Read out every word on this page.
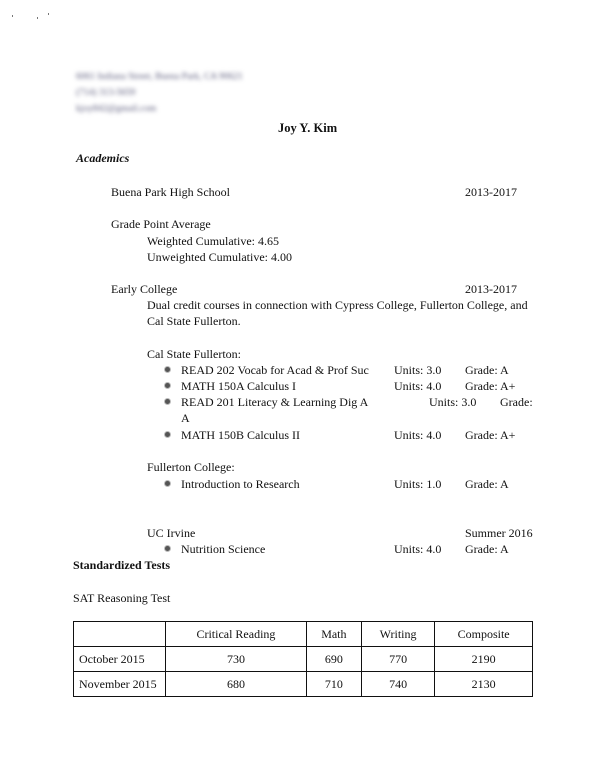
6061 Indiana Street, Buena Park, CA 90621
(714) 313-5659
kjoy842@gmail.com
Joy Y. Kim
Academics
Buena Park High School	2013-2017
Grade Point Average
Weighted Cumulative: 4.65
Unweighted Cumulative: 4.00
Early College	2013-2017
Dual credit courses in connection with Cypress College, Fullerton College, and
Cal State Fullerton.
Cal State Fullerton:
READ 202 Vocab for Acad & Prof Suc Units: 3.0 Grade: A
MATH 150A Calculus I	Units: 4.0 Grade: A+
READ 201 Literacy & Learning Dig A	Units: 3.0 Grade:
A
MATH 150B Calculus II	Units: 4.0 Grade: A+
Fullerton College:
Introduction to Research	Units: 1.0 Grade: A
UC Irvine	Summer 2016
Nutrition Science	Units: 4.0 Grade: A
Standardized Tests
SAT Reasoning Test
	Critical Reading	Math	Writing	Composite
October 2015	730	690	770	2190
November 2015	680	710	740	2130
